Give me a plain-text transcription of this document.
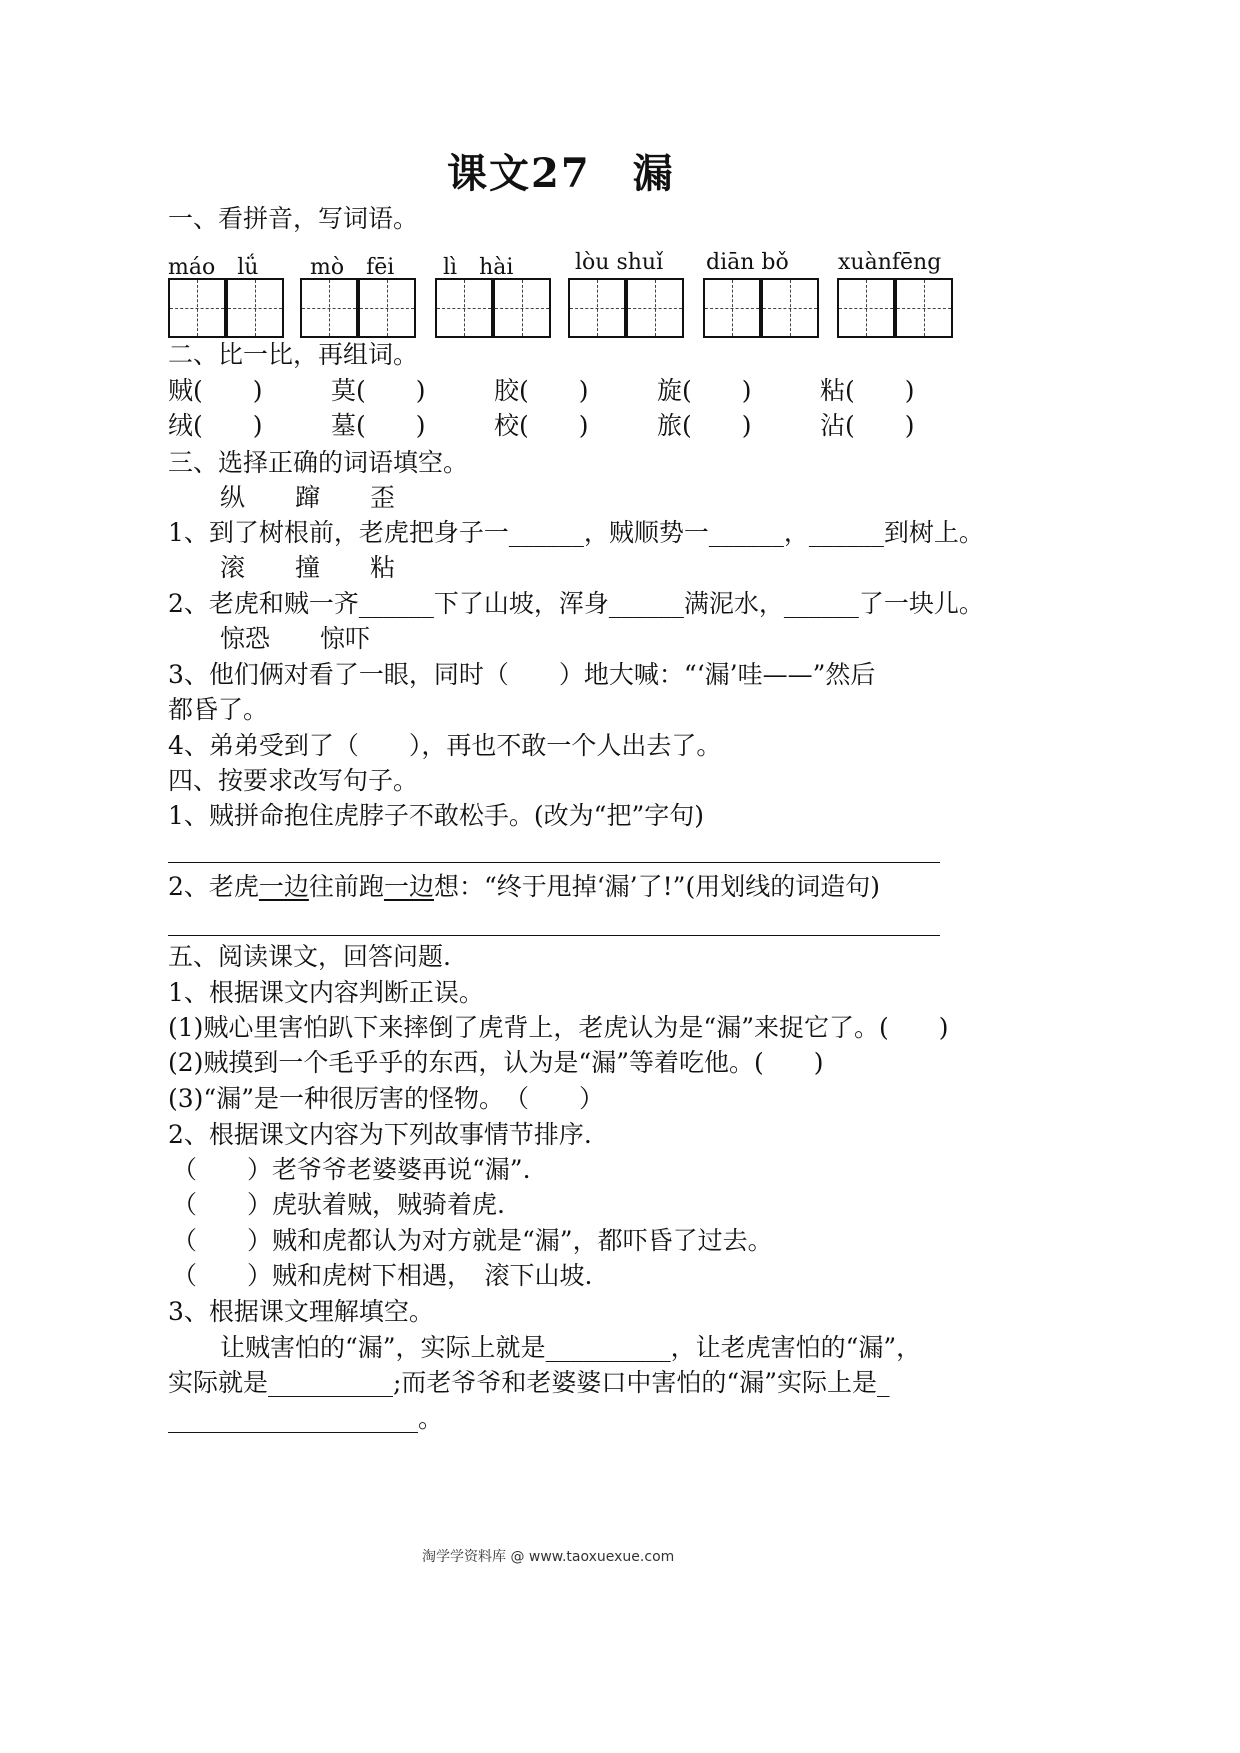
课文27　漏
一、看拼音，写词语。
máo　lǘ mò　fēi lì　hài	lòu shuǐ diān bǒ xuànfēng
二、比一比，再组词。
贼(　　)	莫(　　)	胶(　　)	旋(　　)	粘(　　)
绒(　　)	墓(　　)	校(　　)	旅(　　)	沾(　　)
三、选择正确的词语填空。
纵　　蹿　　歪
1、到了树根前，老虎把身子一______，贼顺势一______，______到树上。
滚　　撞　　粘
2、老虎和贼一齐______下了山坡，浑身______满泥水，______了一块儿。
惊恐　　惊吓
3、他们俩对看了一眼，同时（　　）地大喊：“‘漏’哇——”然后
都昏了。
4、弟弟受到了（　　），再也不敢一个人出去了。
四、按要求改写句子。
1、贼拼命抱住虎脖子不敢松手。(改为“把”字句)
2、老虎一边往前跑一边想：“终于甩掉‘漏’了!”(用划线的词造句)
五、阅读课文，回答问题.
1、根据课文内容判断正误。
(1)贼心里害怕趴下来摔倒了虎背上，老虎认为是“漏”来捉它了。(　　)
(2)贼摸到一个毛乎乎的东西，认为是“漏”等着吃他。(　　)
(3)“漏”是一种很厉害的怪物。　（　　）
2、根据课文内容为下列故事情节排序.
（　　）老爷爷老婆婆再说“漏”.
（　　）虎驮着贼，贼骑着虎.
（　　）贼和虎都认为对方就是“漏”，都吓昏了过去。
（　　）贼和虎树下相遇，　滚下山坡.
3、根据课文理解填空。
让贼害怕的“漏”，实际上就是__________，让老虎害怕的“漏”，
实际就是__________;而老爷爷和老婆婆口中害怕的“漏”实际上是_
____________________。
淘学学资料库 @ www.taoxuexue.com
